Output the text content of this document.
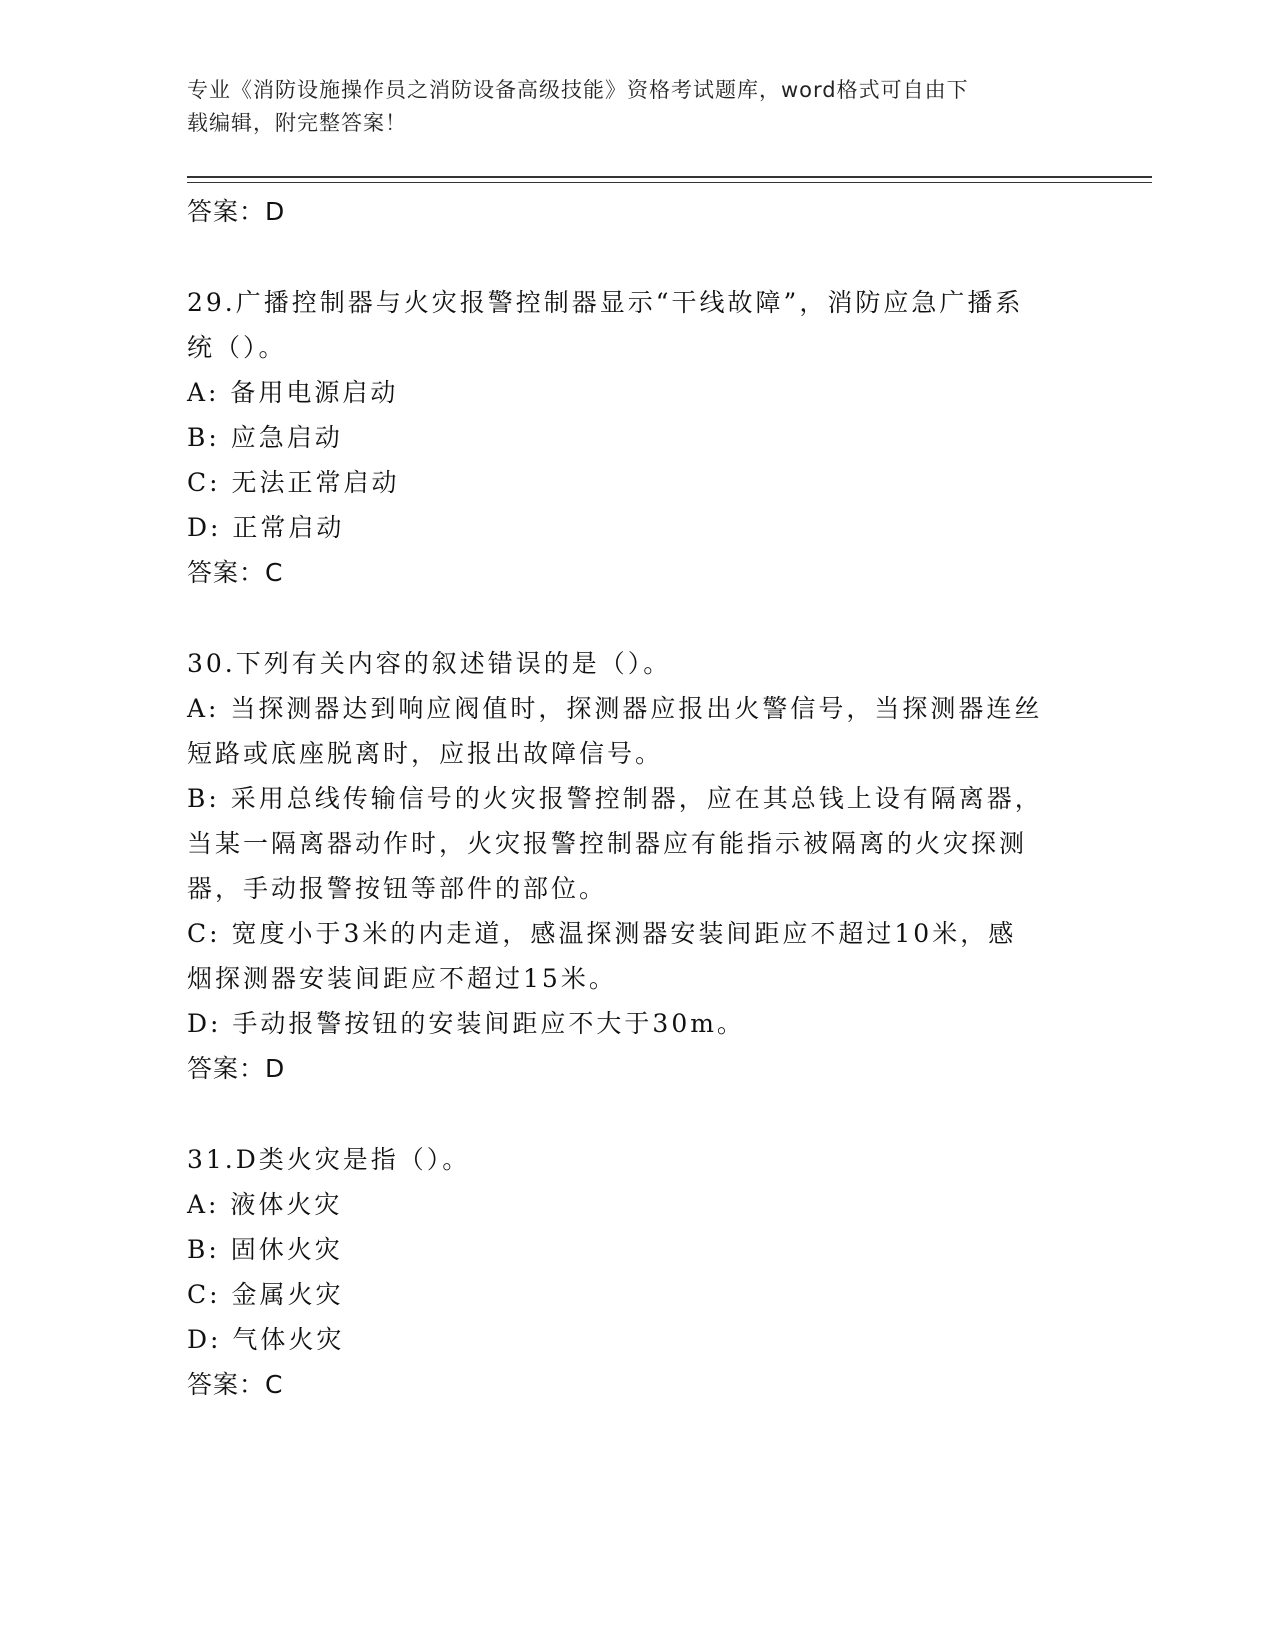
专业《消防设施操作员之消防设备高级技能》资格考试题库，word格式可自由下
载编辑，附完整答案！
答案：D
29.广播控制器与火灾报警控制器显示“干线故障”，消防应急广播系
统（）。
A: 备用电源启动
B: 应急启动
C: 无法正常启动
D: 正常启动
答案：C
30.下列有关内容的叙述错误的是（）。
A: 当探测器达到响应阀值时，探测器应报出火警信号，当探测器连丝
短路或底座脱离时，应报出故障信号。
B: 采用总线传输信号的火灾报警控制器，应在其总钱上设有隔离器，
当某一隔离器动作时，火灾报警控制器应有能指示被隔离的火灾探测
器，手动报警按钮等部件的部位。
C: 宽度小于3米的内走道，感温探测器安装间距应不超过10米，感
烟探测器安装间距应不超过15米。
D: 手动报警按钮的安装间距应不大于30m。
答案：D
31.D类火灾是指（）。
A: 液体火灾
B: 固休火灾
C: 金属火灾
D: 气体火灾
答案：C
